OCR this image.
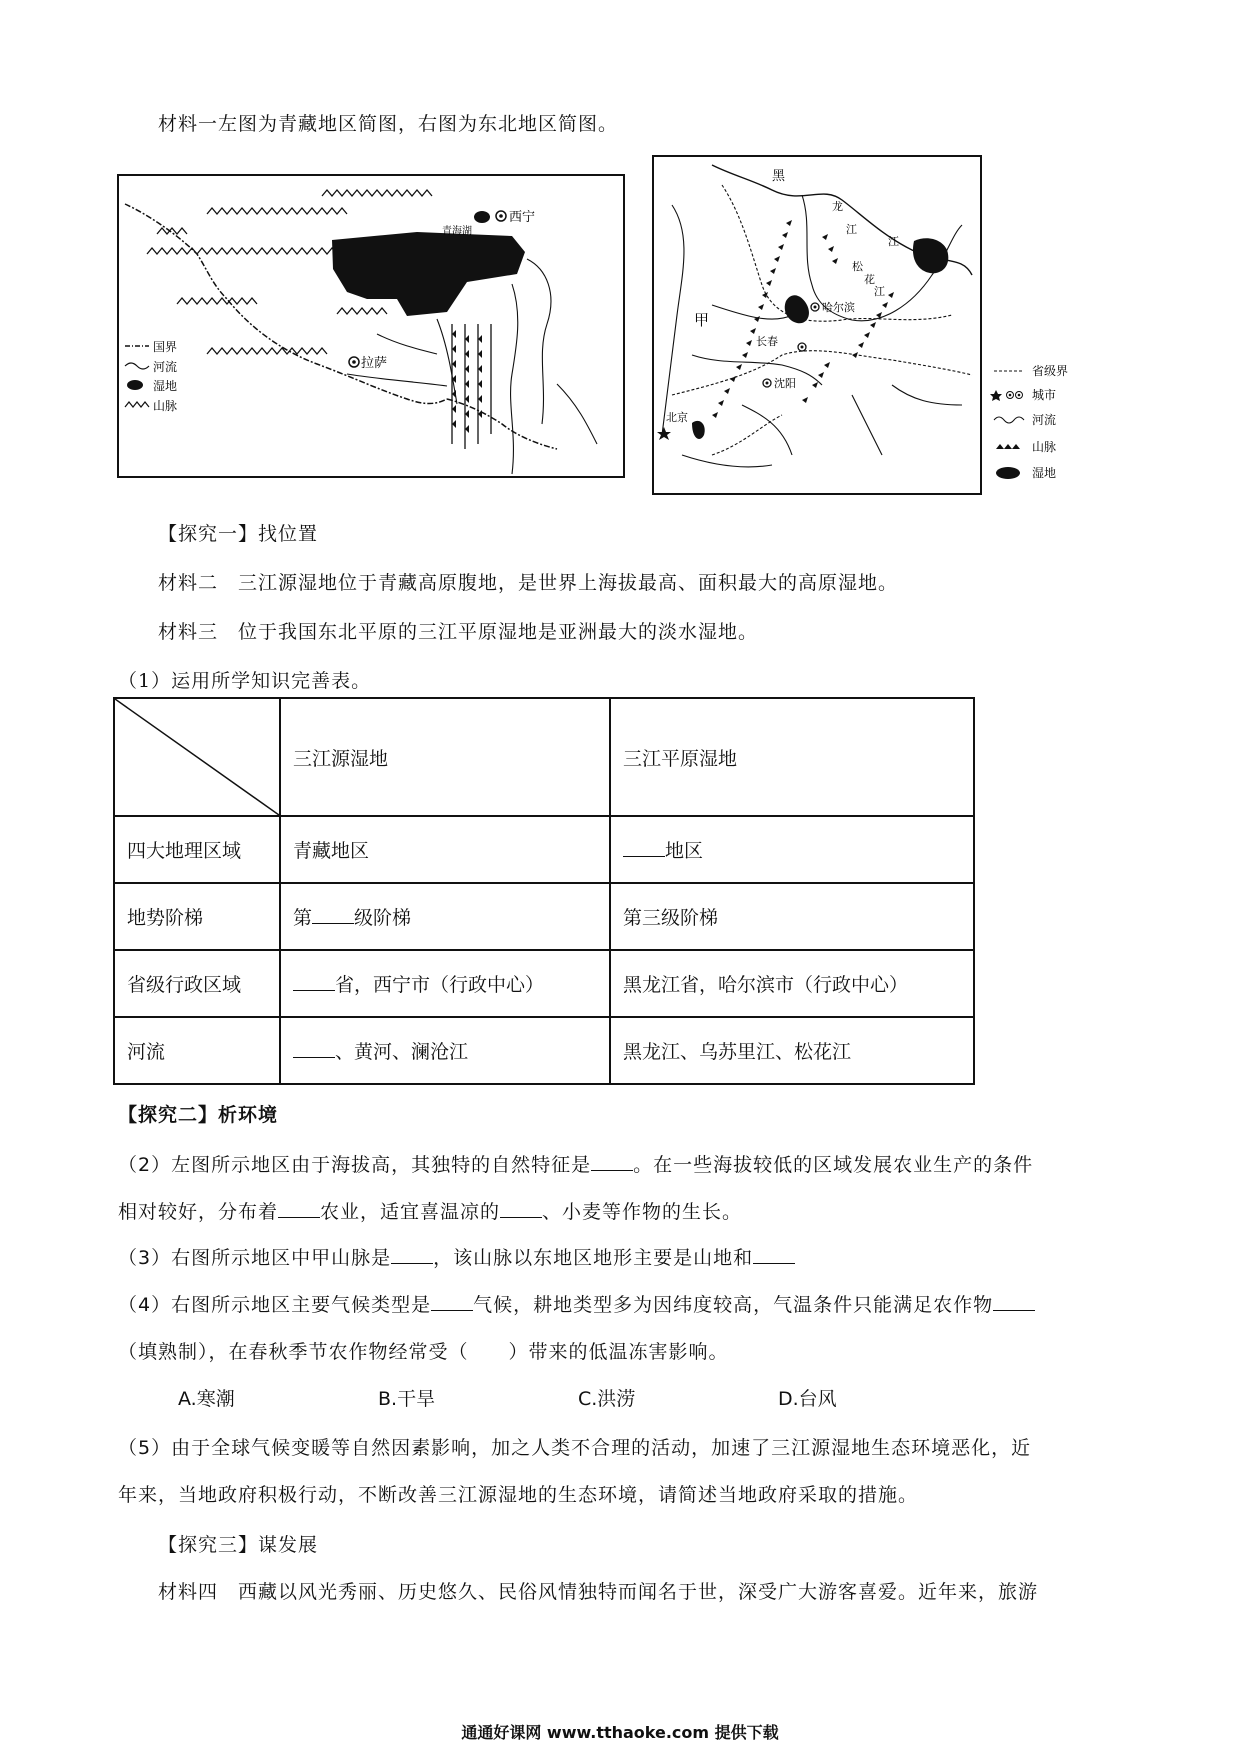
材料一左图为青藏地区简图，右图为东北地区简图。
西宁
青海湖
拉萨
国界
河流
湿地
山脉
黑
龙
江
江
松
花
江
哈尔滨
长春
沈阳
北京
甲
省级界
城市
河流
山脉
湿地
【探究一】找位置
材料二　三江源湿地位于青藏高原腹地，是世界上海拔最高、面积最大的高原湿地。
材料三　位于我国东北平原的三江平原湿地是亚洲最大的淡水湿地。
（1）运用所学知识完善表。
	三江源湿地	三江平原湿地
四大地理区域	青藏地区	地区
地势阶梯	第 级阶梯	第三级阶梯
省级行政区域	省，西宁市（行政中心）	黑龙江省，哈尔滨市（行政中心）
河流	、黄河、澜沧江	黑龙江、乌苏里江、松花江
【探究二】析环境
（2）左图所示地区由于海拔高，其独特的自然特征是 。在一些海拔较低的区域发展农业生产的条件
相对较好，分布着 农业，适宜喜温凉的 、小麦等作物的生长。
（3）右图所示地区中甲山脉是 ，该山脉以东地区地形主要是山地和
（4）右图所示地区主要气候类型是 气候，耕地类型多为因纬度较高，气温条件只能满足农作物
（填熟制），在春秋季节农作物经常受（　　）带来的低温冻害影响。
A.寒潮	B.干旱	C.洪涝	D.台风
（5）由于全球气候变暖等自然因素影响，加之人类不合理的活动，加速了三江源湿地生态环境恶化，近
年来，当地政府积极行动，不断改善三江源湿地的生态环境，请简述当地政府采取的措施。
【探究三】谋发展
材料四　西藏以风光秀丽、历史悠久、民俗风情独特而闻名于世，深受广大游客喜爱。近年来，旅游
通通好课网 www.tthaoke.com 提供下载
